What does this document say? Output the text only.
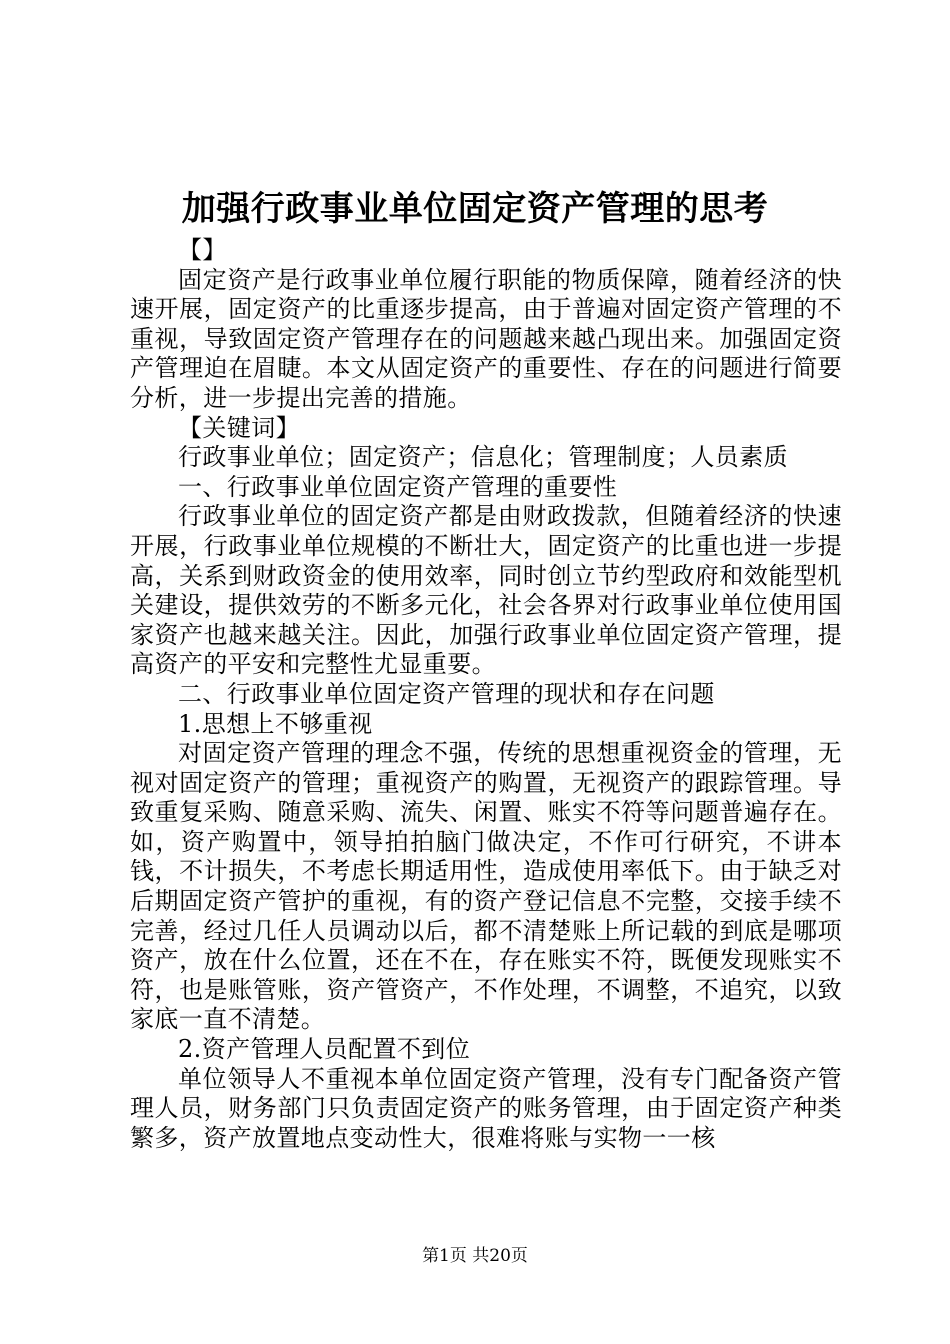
加强行政事业单位固定资产管理的思考

【】

固定资产是行政事业单位履行职能的物质保障，随着经济的快速开展，固定资产的比重逐步提高，由于普遍对固定资产管理的不重视，导致固定资产管理存在的问题越来越凸现出来。加强固定资产管理迫在眉睫。本文从固定资产的重要性、存在的问题进行简要分析，进一步提出完善的措施。

【关键词】

行政事业单位；固定资产；信息化；管理制度；人员素质

一、行政事业单位固定资产管理的重要性

行政事业单位的固定资产都是由财政拨款，但随着经济的快速开展，行政事业单位规模的不断壮大，固定资产的比重也进一步提高，关系到财政资金的使用效率，同时创立节约型政府和效能型机关建设，提供效劳的不断多元化，社会各界对行政事业单位使用国家资产也越来越关注。因此，加强行政事业单位固定资产管理，提高资产的平安和完整性尤显重要。

二、行政事业单位固定资产管理的现状和存在问题

1.思想上不够重视

对固定资产管理的理念不强，传统的思想重视资金的管理，无视对固定资产的管理；重视资产的购置，无视资产的跟踪管理。导致重复采购、随意采购、流失、闲置、账实不符等问题普遍存在。如，资产购置中，领导拍拍脑门做决定，不作可行研究，不讲本钱，不计损失，不考虑长期适用性，造成使用率低下。由于缺乏对后期固定资产管护的重视，有的资产登记信息不完整，交接手续不完善，经过几任人员调动以后，都不清楚账上所记载的到底是哪项资产，放在什么位置，还在不在，存在账实不符，既便发现账实不符，也是账管账，资产管资产，不作处理，不调整，不追究，以致家底一直不清楚。

2.资产管理人员配置不到位

单位领导人不重视本单位固定资产管理，没有专门配备资产管理人员，财务部门只负责固定资产的账务管理，由于固定资产种类繁多，资产放置地点变动性大，很难将账与实物一一核

第1页 共20页
